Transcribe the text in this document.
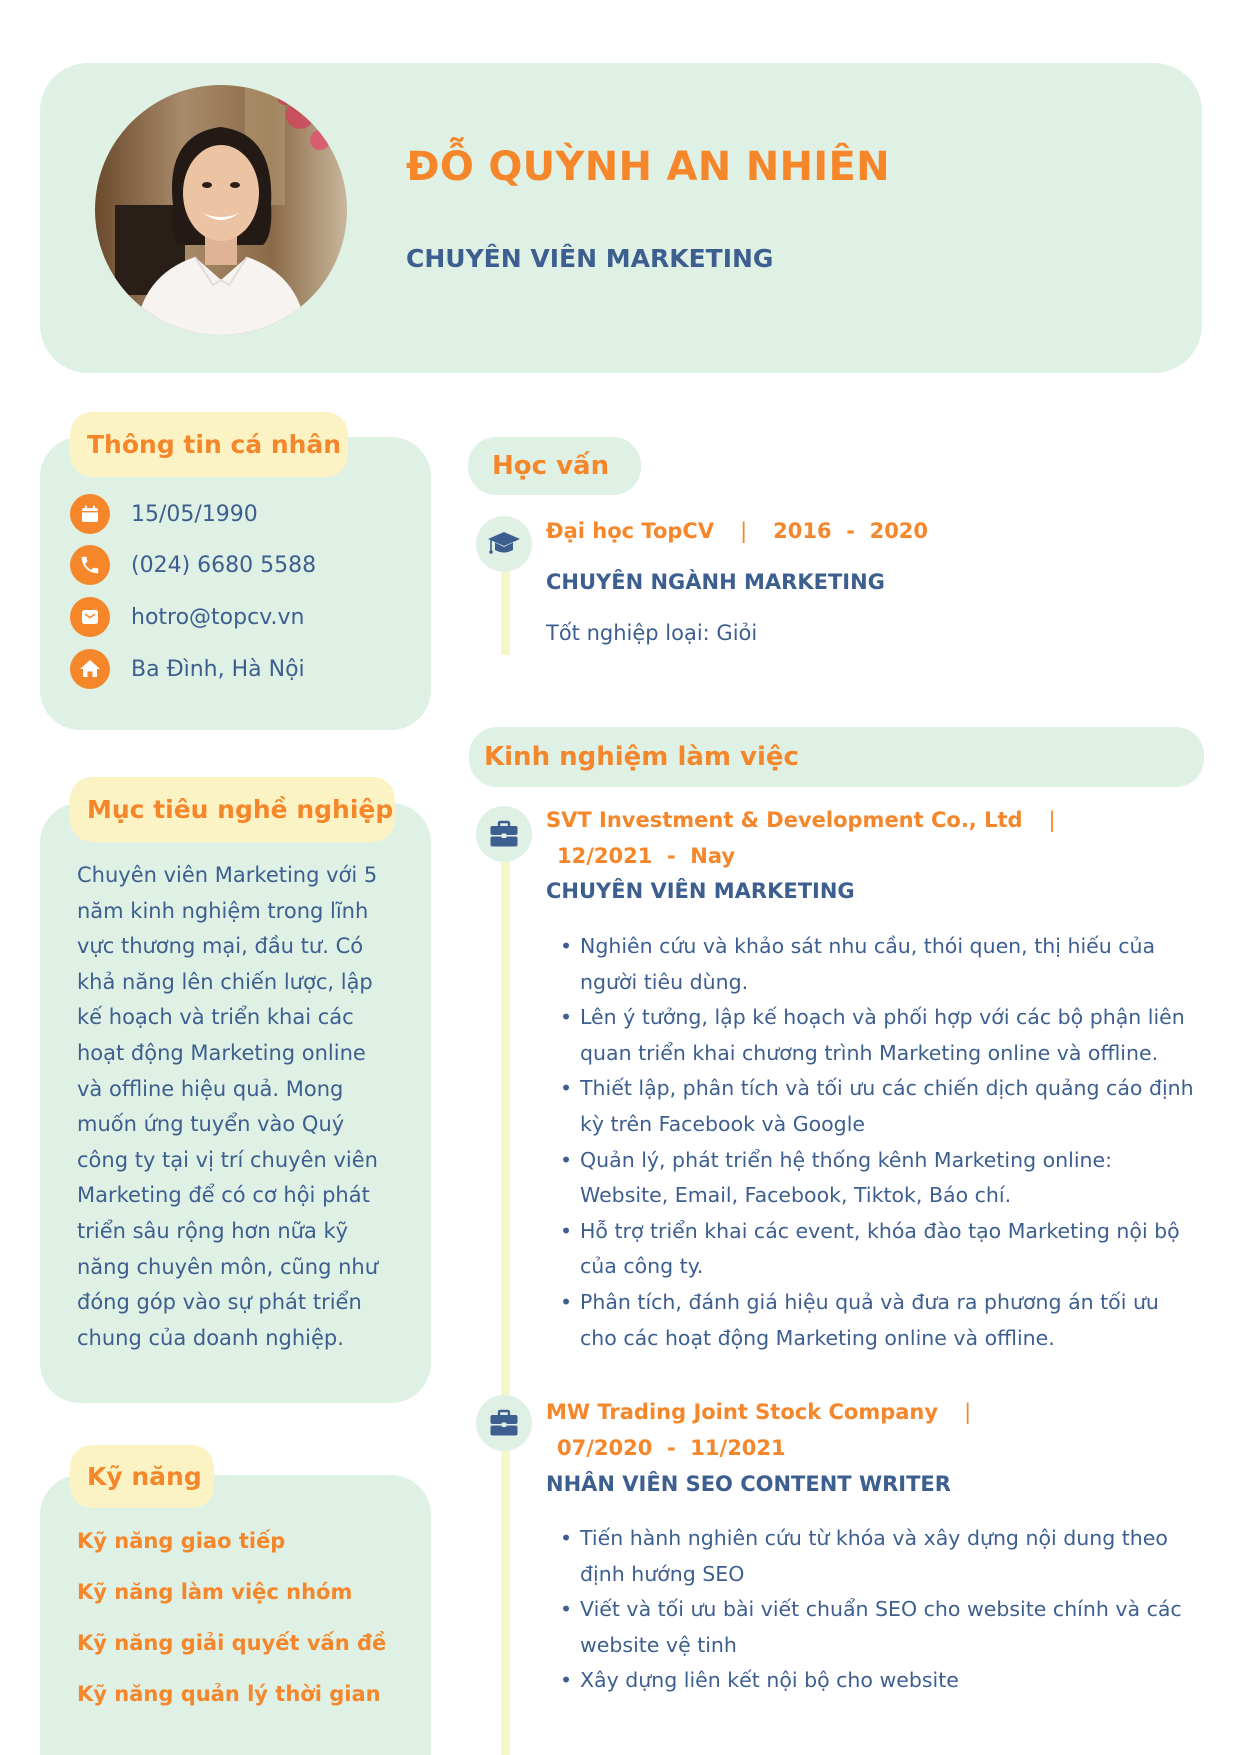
ĐỖ QUỲNH AN NHIÊN
CHUYÊN VIÊN MARKETING
Thông tin cá nhân
15/05/1990
(024) 6680 5588
hotro@topcv.vn
Ba Đình, Hà Nội
Mục tiêu nghề nghiệp
Chuyên viên Marketing với 5 năm kinh nghiệm trong lĩnh vực thương mại, đầu tư. Có khả năng lên chiến lược, lập kế hoạch và triển khai các hoạt động Marketing online và offline hiệu quả. Mong muốn ứng tuyển vào Quý công ty tại vị trí chuyên viên Marketing để có cơ hội phát triển sâu rộng hơn nữa kỹ năng chuyên môn, cũng như đóng góp vào sự phát triển chung của doanh nghiệp.
Kỹ năng
Kỹ năng giao tiếp
Kỹ năng làm việc nhóm
Kỹ năng giải quyết vấn đề
Kỹ năng quản lý thời gian
Học vấn
Đại học TopCV | 2016 - 2020
CHUYÊN NGÀNH MARKETING
Tốt nghiệp loại: Giỏi
Kinh nghiệm làm việc
SVT Investment & Development Co., Ltd |
12/2021  -  Nay
CHUYÊN VIÊN MARKETING
• Nghiên cứu và khảo sát nhu cầu, thói quen, thị hiếu của người tiêu dùng.
• Lên ý tưởng, lập kế hoạch và phối hợp với các bộ phận liên quan triển khai chương trình Marketing online và offline.
• Thiết lập, phân tích và tối ưu các chiến dịch quảng cáo định kỳ trên Facebook và Google
• Quản lý, phát triển hệ thống kênh Marketing online: Website, Email, Facebook, Tiktok, Báo chí.
• Hỗ trợ triển khai các event, khóa đào tạo Marketing nội bộ của công ty.
• Phân tích, đánh giá hiệu quả và đưa ra phương án tối ưu cho các hoạt động Marketing online và offline.
MW Trading Joint Stock Company |
07/2020  -  11/2021
NHÂN VIÊN SEO CONTENT WRITER
• Tiến hành nghiên cứu từ khóa và xây dựng nội dung theo định hướng SEO
• Viết và tối ưu bài viết chuẩn SEO cho website chính và các website vệ tinh
• Xây dựng liên kết nội bộ cho website
